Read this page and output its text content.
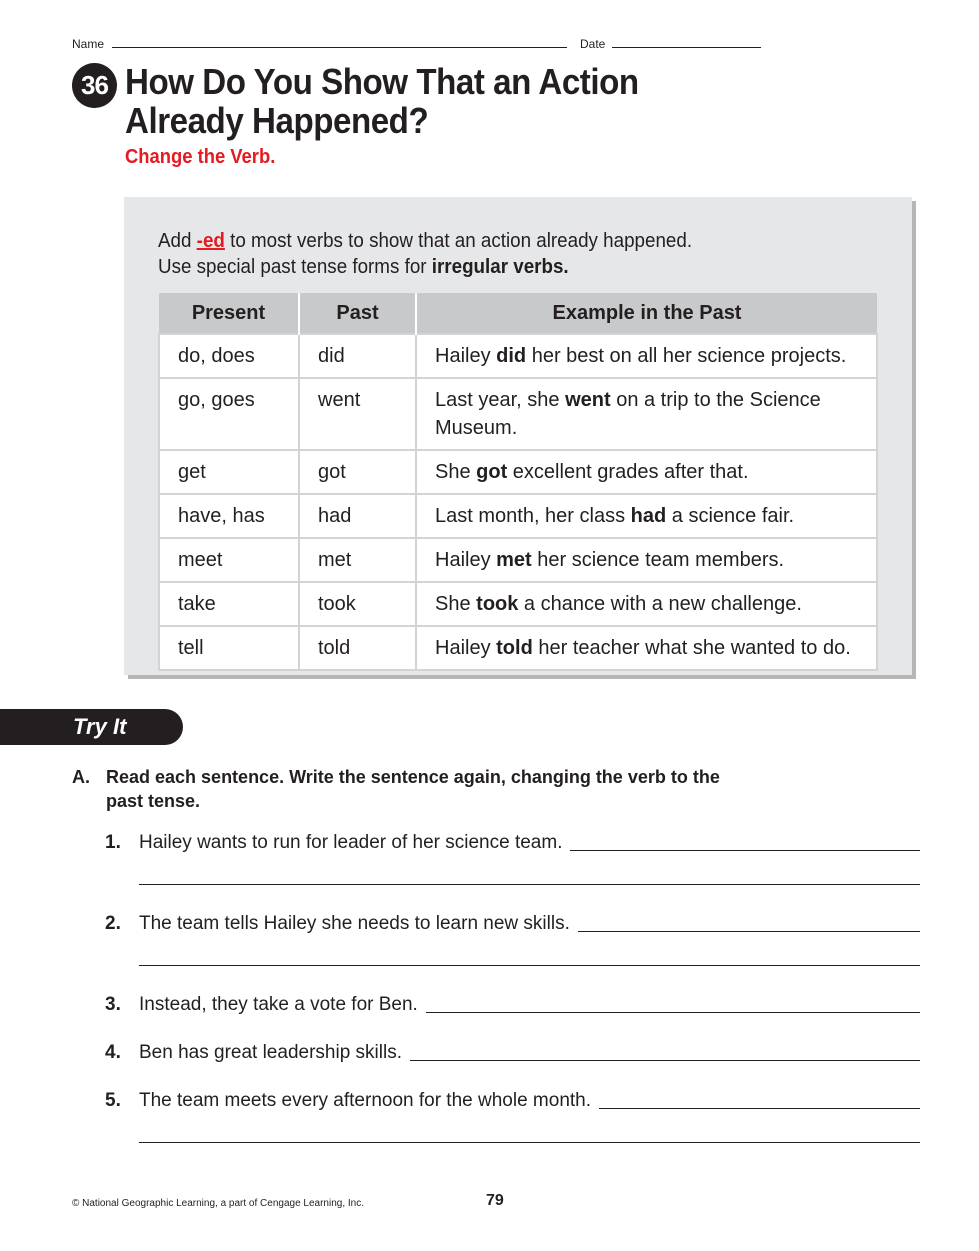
Name	Date
36 How Do You Show That an Action
Already Happened?
Change the Verb.
Add -ed to most verbs to show that an action already happened.
Use special past tense forms for irregular verbs.
Present	Past	Example in the Past
do, does	did	Hailey did her best on all her science projects.
go, goes	went	Last year, she went on a trip to the Science Museum.
get	got	She got excellent grades after that.
have, has	had	Last month, her class had a science fair.
meet	met	Hailey met her science team members.
take	took	She took a chance with a new challenge.
tell	told	Hailey told her teacher what she wanted to do.
Try It
A. Read each sentence. Write the sentence again, changing the verb to the past tense.
1. Hailey wants to run for leader of her science team.
2. The team tells Hailey she needs to learn new skills.
3. Instead, they take a vote for Ben.
4. Ben has great leadership skills.
5. The team meets every afternoon for the whole month.
© National Geographic Learning, a part of Cengage Learning, Inc.	79
